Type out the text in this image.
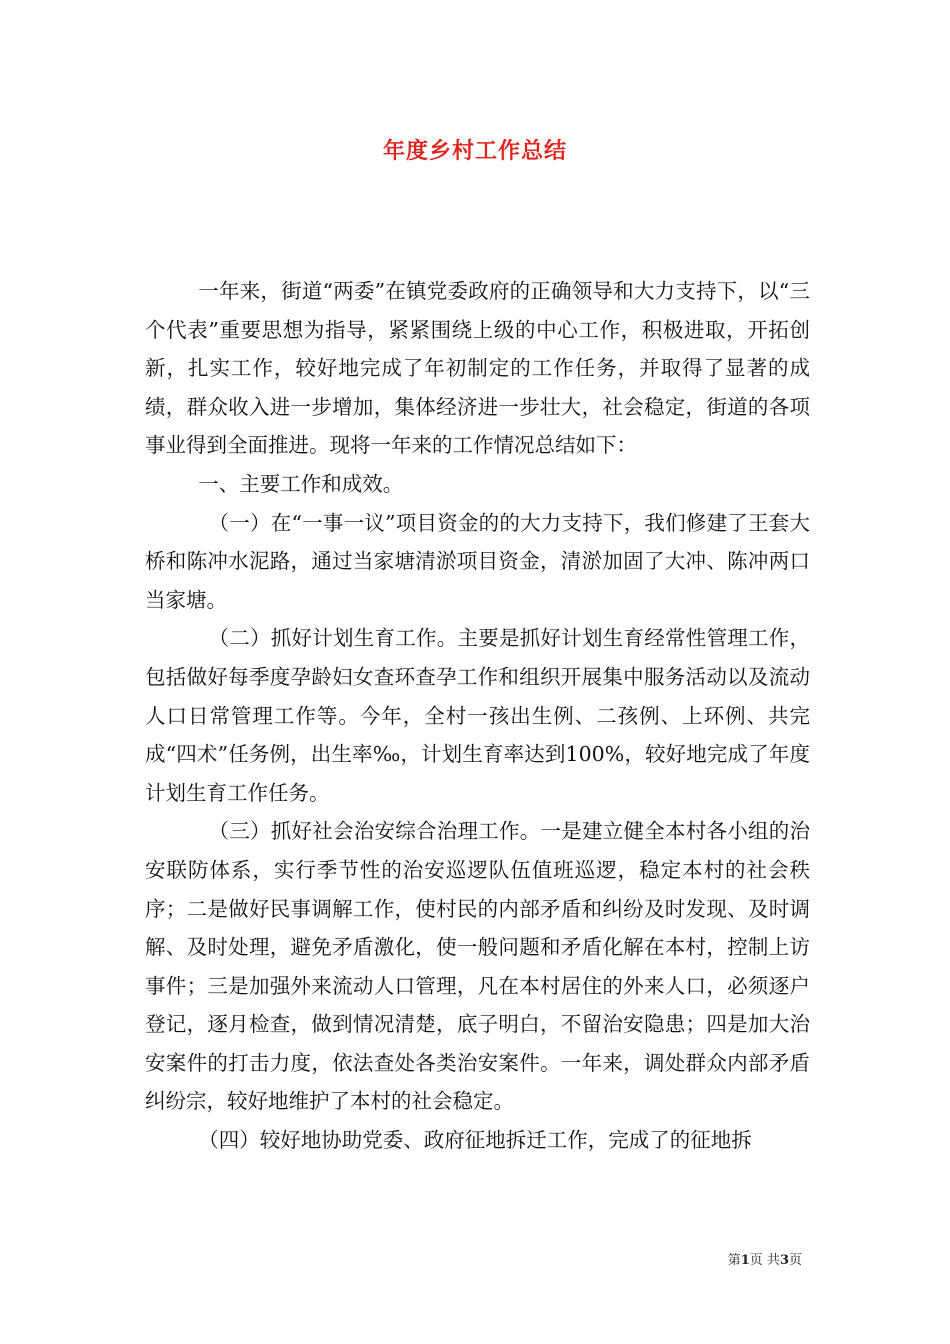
年度乡村工作总结

一年来，街道“两委”在镇党委政府的正确领导和大力支持下，以“三个代表”重要思想为指导，紧紧围绕上级的中心工作，积极进取，开拓创新，扎实工作，较好地完成了年初制定的工作任务，并取得了显著的成绩，群众收入进一步增加，集体经济进一步壮大，社会稳定，街道的各项事业得到全面推进。现将一年来的工作情况总结如下：

一、主要工作和成效。

（一）在“一事一议”项目资金的的大力支持下，我们修建了王套大桥和陈冲水泥路，通过当家塘清淤项目资金，清淤加固了大冲、陈冲两口当家塘。

（二）抓好计划生育工作。主要是抓好计划生育经常性管理工作，包括做好每季度孕龄妇女查环查孕工作和组织开展集中服务活动以及流动人口日常管理工作等。今年，全村一孩出生例、二孩例、上环例、共完成“四术”任务例，出生率‰，计划生育率达到100%，较好地完成了年度计划生育工作任务。

（三）抓好社会治安综合治理工作。一是建立健全本村各小组的治安联防体系，实行季节性的治安巡逻队伍值班巡逻，稳定本村的社会秩序；二是做好民事调解工作，使村民的内部矛盾和纠纷及时发现、及时调解、及时处理，避免矛盾激化，使一般问题和矛盾化解在本村，控制上访事件；三是加强外来流动人口管理，凡在本村居住的外来人口，必须逐户登记，逐月检查，做到情况清楚，底子明白，不留治安隐患；四是加大治安案件的打击力度，依法查处各类治安案件。一年来，调处群众内部矛盾纠纷宗，较好地维护了本村的社会稳定。

（四）较好地协助党委、政府征地拆迁工作，完成了的征地拆

第1页 共3页
